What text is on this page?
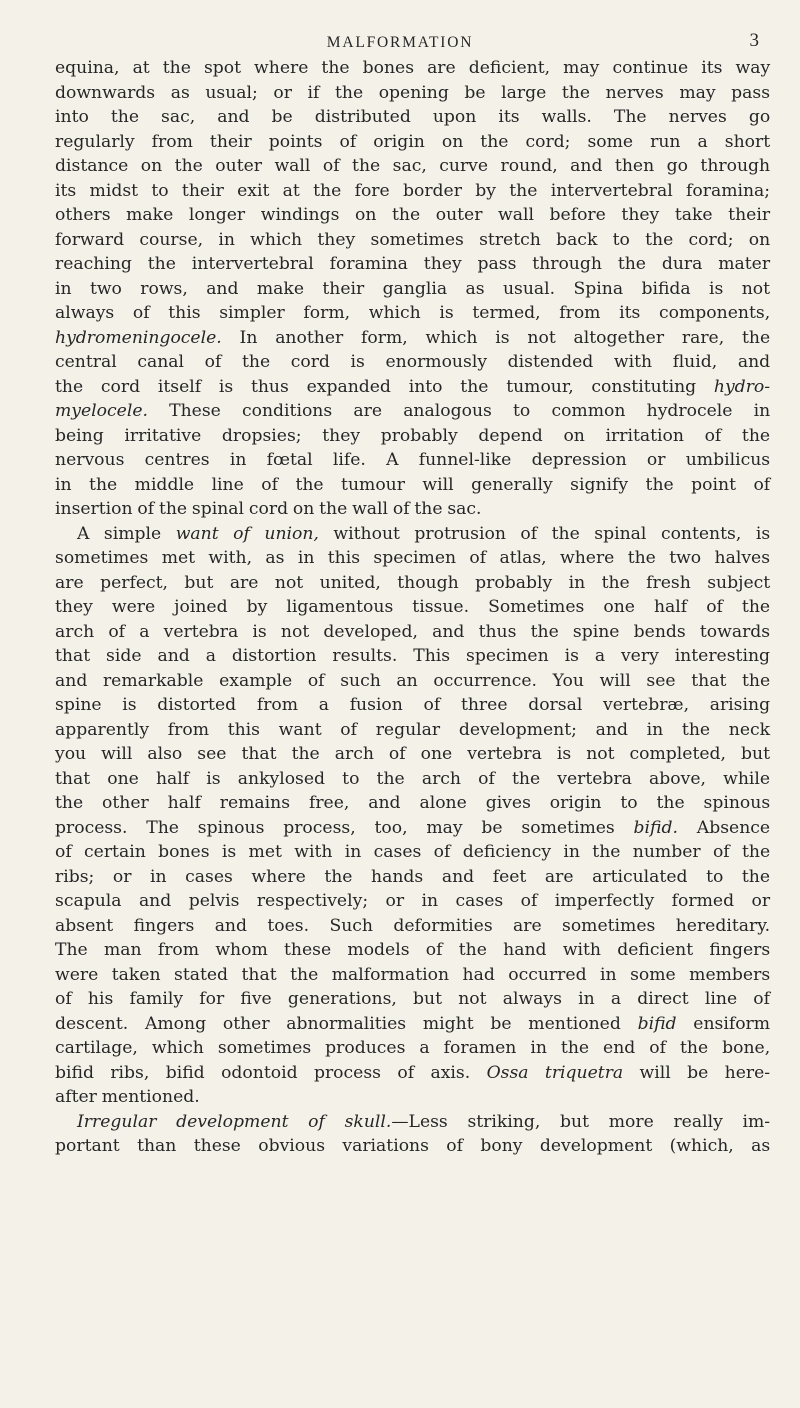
MALFORMATION	3
equina, at the spot where the bones are deficient, may continue its way
downwards as usual; or if the opening be large the nerves may pass
into the sac, and be distributed upon its walls. The nerves go
regularly from their points of origin on the cord; some run a short
distance on the outer wall of the sac, curve round, and then go through
its midst to their exit at the fore border by the intervertebral foramina;
others make longer windings on the outer wall before they take their
forward course, in which they sometimes stretch back to the cord; on
reaching the intervertebral foramina they pass through the dura mater
in two rows, and make their ganglia as usual. Spina bifida is not
always of this simpler form, which is termed, from its components,
hydromeningocele. In another form, which is not altogether rare, the
central canal of the cord is enormously distended with fluid, and
the cord itself is thus expanded into the tumour, constituting hydro-
myelocele. These conditions are analogous to common hydrocele in
being irritative dropsies; they probably depend on irritation of the
nervous centres in fœtal life. A funnel-like depression or umbilicus
in the middle line of the tumour will generally signify the point of
insertion of the spinal cord on the wall of the sac.
A simple want of union, without protrusion of the spinal contents, is
sometimes met with, as in this specimen of atlas, where the two halves
are perfect, but are not united, though probably in the fresh subject
they were joined by ligamentous tissue. Sometimes one half of the
arch of a vertebra is not developed, and thus the spine bends towards
that side and a distortion results. This specimen is a very interesting
and remarkable example of such an occurrence. You will see that the
spine is distorted from a fusion of three dorsal vertebræ, arising
apparently from this want of regular development; and in the neck
you will also see that the arch of one vertebra is not completed, but
that one half is ankylosed to the arch of the vertebra above, while
the other half remains free, and alone gives origin to the spinous
process. The spinous process, too, may be sometimes bifid. Absence
of certain bones is met with in cases of deficiency in the number of the
ribs; or in cases where the hands and feet are articulated to the
scapula and pelvis respectively; or in cases of imperfectly formed or
absent fingers and toes. Such deformities are sometimes hereditary.
The man from whom these models of the hand with deficient fingers
were taken stated that the malformation had occurred in some members
of his family for five generations, but not always in a direct line of
descent. Among other abnormalities might be mentioned bifid ensiform
cartilage, which sometimes produces a foramen in the end of the bone,
bifid ribs, bifid odontoid process of axis. Ossa triquetra will be here-
after mentioned.
Irregular development of skull.—Less striking, but more really im-
portant than these obvious variations of bony development (which, as
